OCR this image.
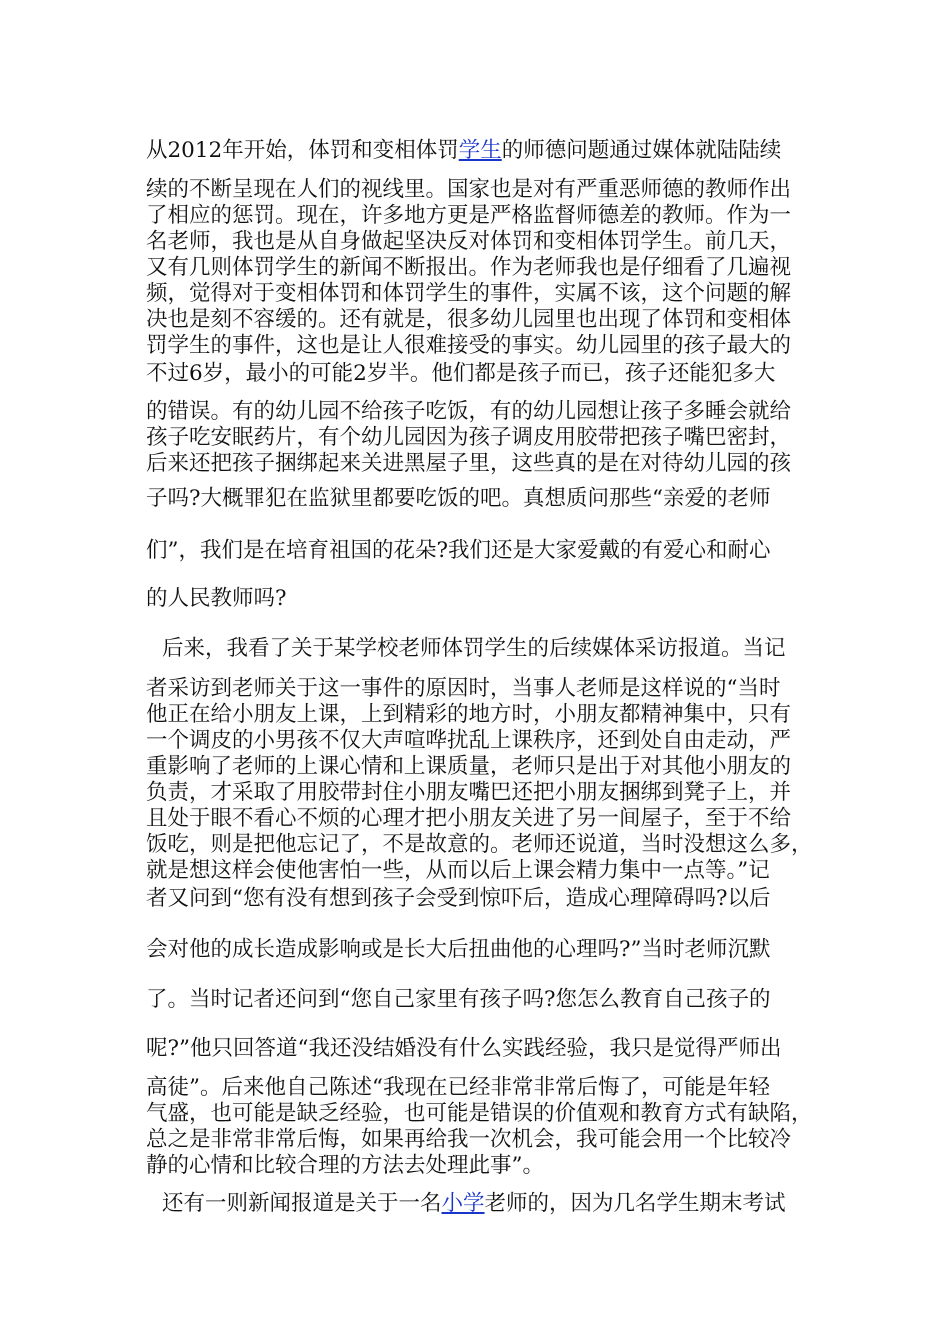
从2012年开始，体罚和变相体罚学生的师德问题通过媒体就陆陆续
续的不断呈现在人们的视线里。国家也是对有严重恶师德的教师作出
了相应的惩罚。现在，许多地方更是严格监督师德差的教师。作为一
名老师，我也是从自身做起坚决反对体罚和变相体罚学生。前几天，
又有几则体罚学生的新闻不断报出。作为老师我也是仔细看了几遍视
频，觉得对于变相体罚和体罚学生的事件，实属不该，这个问题的解
决也是刻不容缓的。还有就是，很多幼儿园里也出现了体罚和变相体
罚学生的事件，这也是让人很难接受的事实。幼儿园里的孩子最大的
不过6岁，最小的可能2岁半。他们都是孩子而已，孩子还能犯多大
的错误。有的幼儿园不给孩子吃饭，有的幼儿园想让孩子多睡会就给
孩子吃安眠药片，有个幼儿园因为孩子调皮用胶带把孩子嘴巴密封，
后来还把孩子捆绑起来关进黑屋子里，这些真的是在对待幼儿园的孩
子吗?大概罪犯在监狱里都要吃饭的吧。真想质问那些“亲爱的老师
们”，我们是在培育祖国的花朵?我们还是大家爱戴的有爱心和耐心
的人民教师吗?
后来，我看了关于某学校老师体罚学生的后续媒体采访报道。当记
者采访到老师关于这一事件的原因时，当事人老师是这样说的“当时
他正在给小朋友上课，上到精彩的地方时，小朋友都精神集中，只有
一个调皮的小男孩不仅大声喧哗扰乱上课秩序，还到处自由走动，严
重影响了老师的上课心情和上课质量，老师只是出于对其他小朋友的
负责，才采取了用胶带封住小朋友嘴巴还把小朋友捆绑到凳子上，并
且处于眼不看心不烦的心理才把小朋友关进了另一间屋子，至于不给
饭吃，则是把他忘记了，不是故意的。老师还说道，当时没想这么多，
就是想这样会使他害怕一些，从而以后上课会精力集中一点等。”记
者又问到“您有没有想到孩子会受到惊吓后，造成心理障碍吗?以后
会对他的成长造成影响或是长大后扭曲他的心理吗?”当时老师沉默
了。当时记者还问到“您自己家里有孩子吗?您怎么教育自己孩子的
呢?”他只回答道“我还没结婚没有什么实践经验，我只是觉得严师出
高徒”。后来他自己陈述“我现在已经非常非常后悔了，可能是年轻
气盛，也可能是缺乏经验，也可能是错误的价值观和教育方式有缺陷，
总之是非常非常后悔，如果再给我一次机会，我可能会用一个比较冷
静的心情和比较合理的方法去处理此事”。
还有一则新闻报道是关于一名小学老师的，因为几名学生期末考试
